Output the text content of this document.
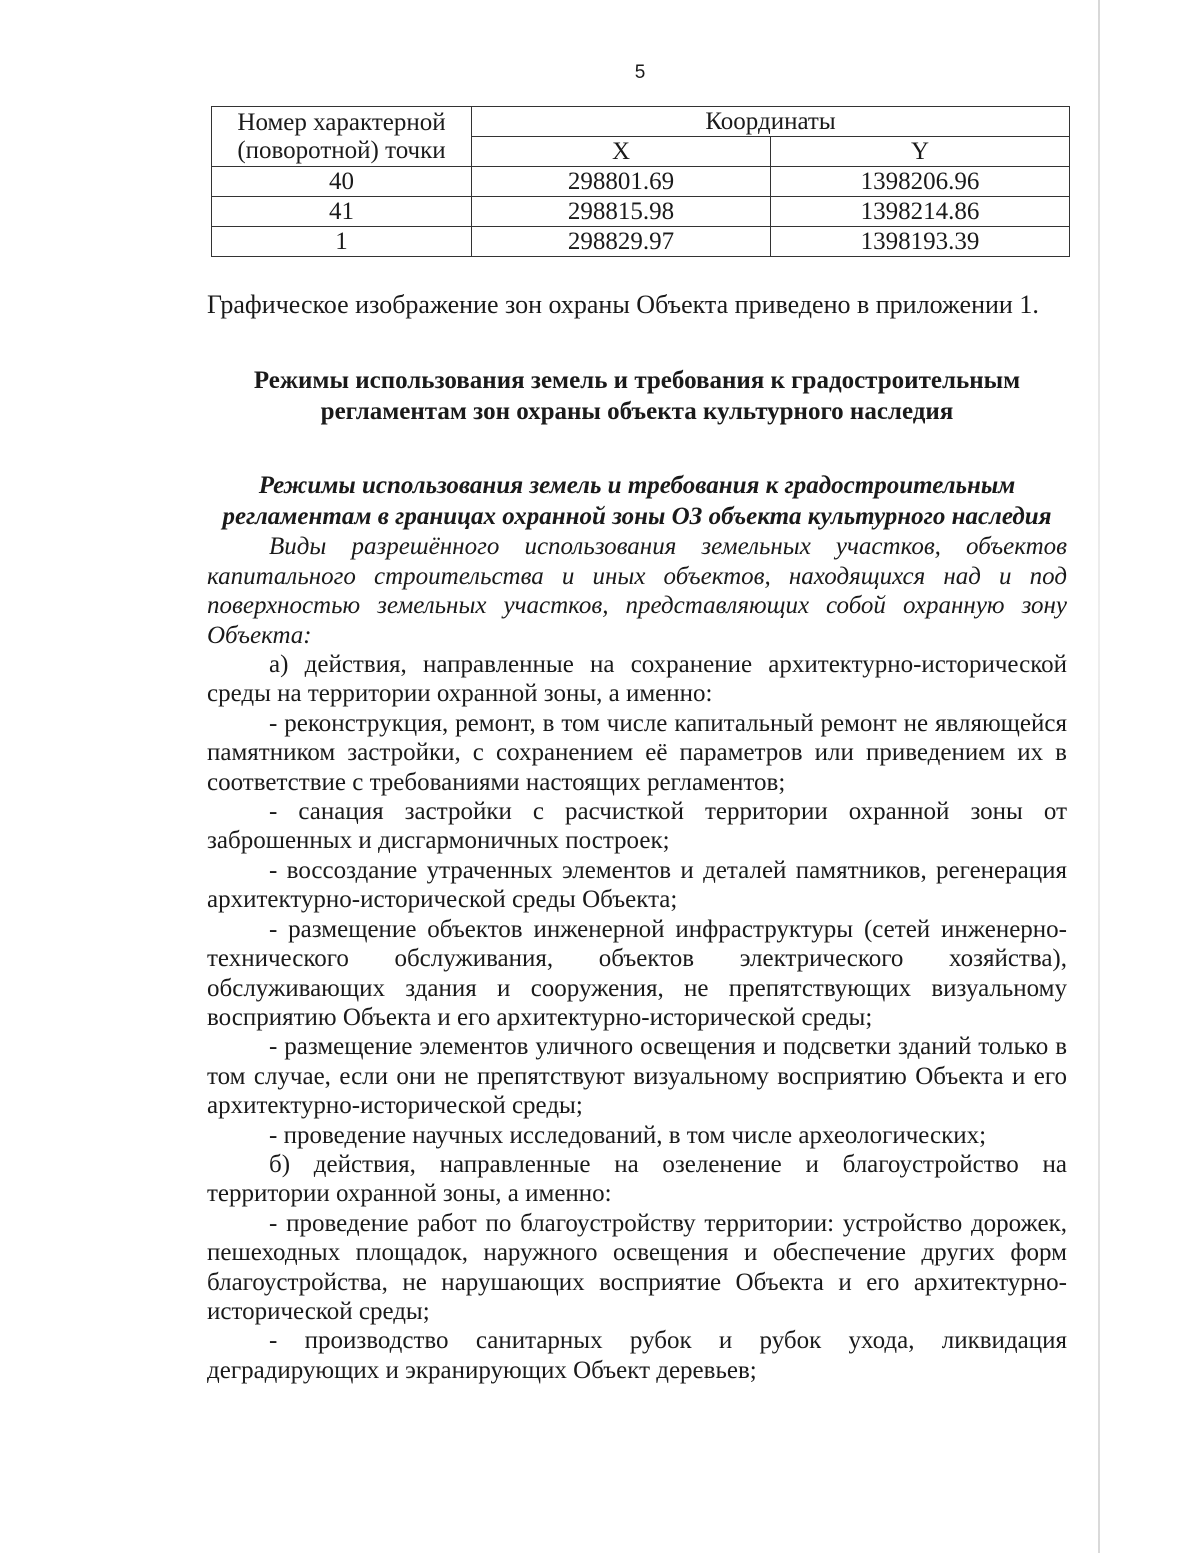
5
Номер характерной
(поворотной) точки	Координаты	
	X	Y
40	298801.69	1398206.96
41	298815.98	1398214.86
1	298829.97	1398193.39

Графическое изображение зон охраны Объекта приведено в приложении 1.

Режимы использования земель и требования к градостроительным регламентам зон охраны объекта культурного наследия

Режимы использования земель и требования к градостроительным регламентам в границах охранной зоны ОЗ объекта культурного наследия

Виды разрешённого использования земельных участков, объектов капитального строительства и иных объектов, находящихся над и под поверхностью земельных участков, представляющих собой охранную зону Объекта:

а) действия, направленные на сохранение архитектурно-исторической среды на территории охранной зоны, а именно:

- реконструкция, ремонт, в том числе капитальный ремонт не являющейся памятником застройки, с сохранением её параметров или приведением их в соответствие с требованиями настоящих регламентов;

- санация застройки с расчисткой территории охранной зоны от заброшенных и дисгармоничных построек;

- воссоздание утраченных элементов и деталей памятников, регенерация архитектурно-исторической среды Объекта;

- размещение объектов инженерной инфраструктуры (сетей инженерно-технического обслуживания, объектов электрического хозяйства), обслуживающих здания и сооружения, не препятствующих визуальному восприятию Объекта и его архитектурно-исторической среды;

- размещение элементов уличного освещения и подсветки зданий только в том случае, если они не препятствуют визуальному восприятию Объекта и его архитектурно-исторической среды;

- проведение научных исследований, в том числе археологических;

б) действия, направленные на озеленение и благоустройство на территории охранной зоны, а именно:

- проведение работ по благоустройству территории: устройство дорожек, пешеходных площадок, наружного освещения и обеспечение других форм благоустройства, не нарушающих восприятие Объекта и его архитектурно-исторической среды;

- производство санитарных рубок и рубок ухода, ликвидация деградирующих и экранирующих Объект деревьев;
